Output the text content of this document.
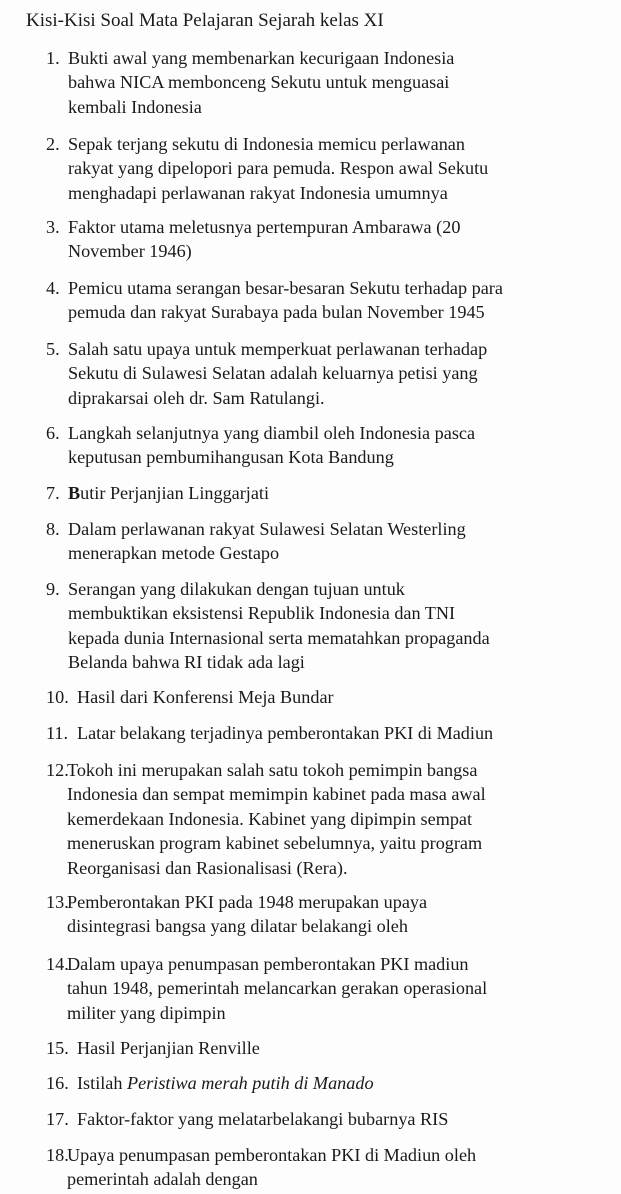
Kisi-Kisi Soal Mata Pelajaran Sejarah kelas XI
1. Bukti awal yang membenarkan kecurigaan Indonesia
bahwa NICA membonceng Sekutu untuk menguasai
kembali Indonesia
2. Sepak terjang sekutu di Indonesia memicu perlawanan
rakyat yang dipelopori para pemuda. Respon awal Sekutu
menghadapi perlawanan rakyat Indonesia umumnya
3. Faktor utama meletusnya pertempuran Ambarawa (20
November 1946)
4. Pemicu utama serangan besar-besaran Sekutu terhadap para
pemuda dan rakyat Surabaya pada bulan November 1945
5. Salah satu upaya untuk memperkuat perlawanan terhadap
Sekutu di Sulawesi Selatan adalah keluarnya petisi yang
diprakarsai oleh dr. Sam Ratulangi.
6. Langkah selanjutnya yang diambil oleh Indonesia pasca
keputusan pembumihangusan Kota Bandung
7. Butir Perjanjian Linggarjati
8. Dalam perlawanan rakyat Sulawesi Selatan Westerling
menerapkan metode Gestapo
9. Serangan yang dilakukan dengan tujuan untuk
membuktikan eksistensi Republik Indonesia dan TNI
kepada dunia Internasional serta mematahkan propaganda
Belanda bahwa RI tidak ada lagi
10. Hasil dari Konferensi Meja Bundar
11. Latar belakang terjadinya pemberontakan PKI di Madiun
12.
Tokoh ini merupakan salah satu tokoh pemimpin bangsa
Indonesia dan sempat memimpin kabinet pada masa awal
kemerdekaan Indonesia. Kabinet yang dipimpin sempat
meneruskan program kabinet sebelumnya, yaitu program
Reorganisasi dan Rasionalisasi (Rera).
13.
Pemberontakan PKI pada 1948 merupakan upaya
disintegrasi bangsa yang dilatar belakangi oleh
14.
Dalam upaya penumpasan pemberontakan PKI madiun
tahun 1948, pemerintah melancarkan gerakan operasional
militer yang dipimpin
15. Hasil Perjanjian Renville
16. Istilah Peristiwa merah putih di Manado
17. Faktor-faktor yang melatarbelakangi bubarnya RIS
18.
Upaya penumpasan pemberontakan PKI di Madiun oleh
pemerintah adalah dengan
